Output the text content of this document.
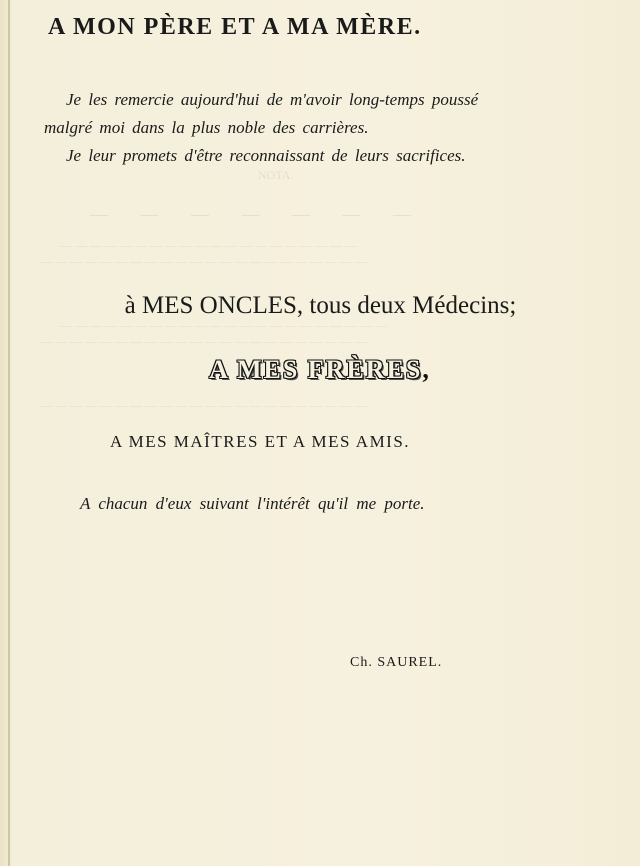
NOTA.
— — — — — — —
— — — — — — — — — — — — — — — — — — — —
— — — — — — — — — — — — — — — — — — — — — —
— — — — — — — — — — — — — — — — — — — — — —
— — — — — — — — — — — — — — — — — — — — — —
— — — — — — — — — — — — — — — — — — — — — —
A MON PÈRE ET A MA MÈRE.
Je les remercie aujourd'hui de m'avoir long-temps poussé
malgré moi dans la plus noble des carrières.
Je leur promets d'être reconnaissant de leurs sacrifices.
à MES ONCLES, tous deux Médecins;
A MES FRÈRES,
A MES MAÎTRES ET A MES AMIS.
A chacun d'eux suivant l'intérêt qu'il me porte.
Ch. SAUREL.
